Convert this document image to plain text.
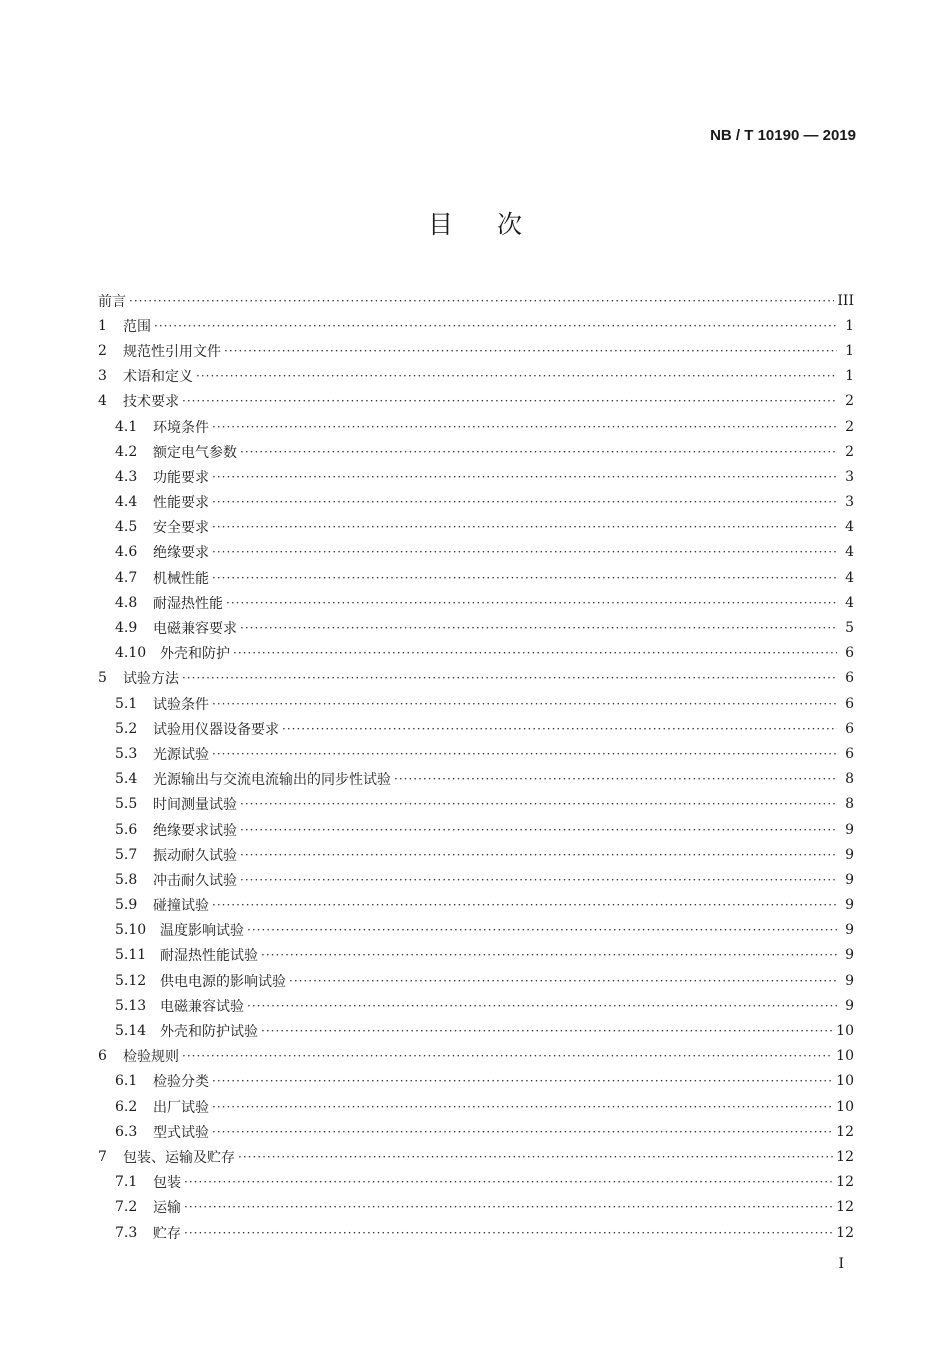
NB / T 10190 — 2019
目次
前言 ·····	III
1	范围 ·····	1
2	规范性引用文件 ·····	1
3	术语和定义 ·····	1
4	技术要求 ·····	2
4.1	环境条件 ·····	2
4.2	额定电气参数 ·····	2
4.3	功能要求 ·····	3
4.4	性能要求 ·····	3
4.5	安全要求 ·····	4
4.6	绝缘要求 ·····	4
4.7	机械性能 ·····	4
4.8	耐湿热性能 ·····	4
4.9	电磁兼容要求 ·····	5
4.10 外壳和防护 ·····	6
5	试验方法 ·····	6
5.1	试验条件 ·····	6
5.2	试验用仪器设备要求 ·····	6
5.3	光源试验 ·····	6
5.4	光源输出与交流电流输出的同步性试验 ·····	8
5.5	时间测量试验 ·····	8
5.6	绝缘要求试验 ·····	9
5.7	振动耐久试验 ·····	9
5.8	冲击耐久试验 ·····	9
5.9	碰撞试验 ·····	9
5.10 温度影响试验 ·····	9
5.11 耐湿热性能试验 ·····	9
5.12 供电电源的影响试验 ·····	9
5.13 电磁兼容试验 ·····	9
5.14 外壳和防护试验 ·····	10
6	检验规则 ·····	10
6.1	检验分类 ·····	10
6.2	出厂试验 ·····	10
6.3	型式试验 ·····	12
7	包装、运输及贮存 ·····	12
7.1	包装 ·····	12
7.2	运输 ·····	12
7.3	贮存 ·····	12
I
